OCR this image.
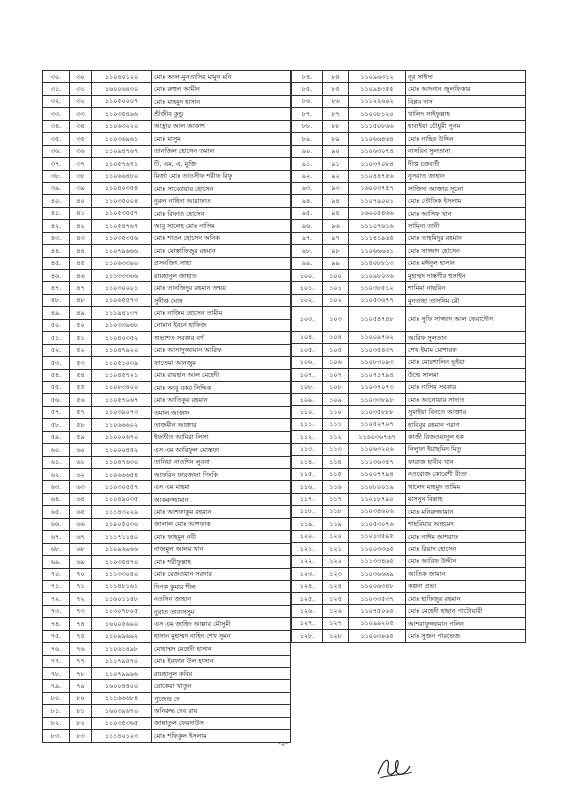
৩০.	৩০	১১০৪০১২০	মোঃ আল-মুনতাসির মামুন মনি
৩১.	৩১	১৬০০৬৪৩০	মোঃ রুহুল আমীন
৩২.	৩২	১১০৫০০০৭	মোঃ মাহমুদ হাসান
৩৩.	৩৩	১১০৩৫৪৯৬	শ্রীজীব কুন্ডু
৩৪.	৩৪	১১০৬৩২২০	আহ্রার আল আকাশ
৩৫.	৩৫	১১০৩৬৯৬১	মোঃ মাসুম
৩৬.	৩৬	১১০৯৪৭৬৭	তানজিল হোসেন তমাল
৩৭.	৩৭	১১০৫৭৬৭১	টি, এম, এ, মুক্তি
৩৮.	৩৮	১১০৬৬৪৮০	মির্জা মোঃ তাওসীফ শরীফ রিফু
৩৯.	৩৯	১১০৪০৩৫৪	মোঃ সাব্বোয়ার হোসেন
৪০.	৪০	১১০৩৫০০৪	নুরুন নাহিদা আরাফাত
৪১.	৪১	১১০৫৩৫৫৭	মোঃ রিফাত হোসেন
৪২.	৪২	১১০৫৪৭৬৭	আবু সালেহ মোঃ নাসিম
৪৩.	৪৩	১১০৩৫৩৫৬	মোঃ শাওন হোসেন অনিক
৪৪.	৪৪	১১০৭৯৬৬৬	মোঃ মোস্তাফিজুর রহমান
৪৫.	৪৫	১১০৬৩৩৯০	প্রসনজিৎ সাহা
৪৬.	৪৬	১১১৩৩৩৬৬	রায়হানুল জাহাত
৪৭.	৪৭	১১০৩০০০১	মোঃ তানজিদুর রহমান তন্ময়
৪৮.	৪৮	১১০৬৫৫৭৩	সুদীপ্ত ঘোষ
৪৯.	৪৯	১১১৯৪১৩৭	মোঃ নাজিম হোসেন তামীম
৫০.	৫০	১১০৩৩৯৬৮	নোমান ইবনে হাফিজ
৫১.	৫১	১১০৪০৩৫২	শুভাশত সরকার বর্ণ
৫২.	৫২	১১০৪৭৯২০	মোঃ আসাদুজ্জামান আরিফ
৫৩.	৫৩	১১০৫১০৩৯	ফাতেমা আনজুম
৫৪.	৫৪	১১০৪৫৭২১	মোঃ রায়হান আল মেহেদী
৫৫.	৫৫	১১০৮৩৪০০	মোঃ আবু বকর সিদ্দিক
৫৬.	৫৬	১১০৫৭০৬৭	মোঃ আতিকুর রহমান
৫৭.	৫৭	১১০৩৯০৭৩	তমাল আজাদ
৫৮.	৫৮	১১০৬৬৬০২	তাজমীন আক্তার
৫৯.	৫৯	১১০০০৬৭০	ইফতীত আমিরা লিসা
৬০.	৬০	১১০০০৪৫২	এস এম আরিফুল মোস্তফা
৬১.	৬১	১১০৪৭৬৩০	তানিয়া নাওশিন লুবনা
৬২.	৬২	১১০৬৬৬৫৪	আফরিন ফারজানা পিংকি
৬৩.	৬৩	১১০৩০৫৫৭	এস এম মাহমা
৬৪.	৬৪	১১০৪৯০৩৫	আকরুজ্জামান
৬৫.	৬৫	১১১৪৩২২৯	মোঃ আশফাকুর রহমান
৬৬.	৬৬	১১৯০৫০৩০	জালাল মোঃ আশফাক
৬৭.	৬৭	১১১৭১১৪০	মোঃ ফাহমুন নবী
৬৮.	৬৮	১১০৯৬৯৬৬	নাজমুল আলম খান
৬৯.	৬৯	১১০৩৫৪৭০	মোঃ শরীফুল্লাহ
৭০.	৭০	১১১৩৩০৪০	মোঃ রেজওয়ান সরদার
৭১.	৭১	১১১৪৮১৬১	দিপক কুমার শীল
৭২.	৭২	১১৬০১১৪৮	নওসিন জাহান
৭৩.	৭৩	১১৩০৭৮০৫	নুরাত তাবাসসুম
৭৪.	৭৪	১৬০০৫৬৯০	এস এম জাহিদ আল্লার মৌসুমী
৭৫.	৭৫	১১০৯৯৬৯২	হাসান মুহাম্মদ নাহিদ শেখ সুমন
৭৬.	৭৬	১১০৬১৪৯৮	মোহাম্মদ মেহেদী হাসান
৭৭.	৭৭	১১১৭৯৫৭০	মোঃ ইরফান উল হাসান
৭৮.	৭৮	১১০৭৯৯৯৬	রায়হানুল কবির
৭৯.	৭৯	১৬০০৪৪০০	রোকেয়া খাতুন
৮০.	৮০	১১১৬৬৬৮৪	পুজেন্দ্র দে
৮১.	৮১	১৬০৩৯৬৭০	অনিরুদ্ধ দেব রায়
৮২.	৮২	১১০৩৫৩৬৫	জান্নাতুল ফেরদাউস
৮৩.	৮৩	১১১৪০১২৩	মোঃ শফিকুল ইসলাম
৮৪.	৮৪	১১০৯৬৩১২	নূর সাঈদা
৮৫.	৮৫	১১০৯৪৩৫৫	মোঃ আদনান জুলফিকার
৮৬.	৮৬	১১১২২৬০২	বিপ্লব দাস
৮৭.	৮৭	১১০০৮১২০	খালিদ সাইফুল্লাহ
৮৮.	৮৮	১১১৫০৮৬৬	হাবাইয়া চৌধুরী পুনম
৮৯.	৮৯	১১০৬৬৪৬৪	মোঃ নাছির উদ্দিন
৯০.	৯০	১১০৬৩০৭৪	নাসরিন সুলতানা
৯১.	৯১	১১০৩৭০৮৪	দীপ্ত চক্রবর্তী
৯২.	৯২	১১০৪৪৭৫৬	নুসরাত জাহান
৯৩.	৯৩	১৬০০৩৭৫৭	সাজিদা আক্তার সূচনা
৯৪.	৯৪	১১০৭৯০০১	মোঃ তৌফিক ইসলাম
৯৫.	৯৫	১৬০০৫৪৬৬	মোঃ আসিফ খান
৯৬.	৯৬	১১১০৭৬১৬	সামিনা তানী
৯৭.	৯৭	১১১৪১৯৬৫	মোঃ তাহমিদুর রহমান
৯৮.	৯৮	১১০৬৬৬৬১	মোঃ সাজ্জাদ হোসেন
৯৯.	৯৯	১১৫০৮৮১৩	মোঃ মঈনুল হাসান
১০০.	১০০	১১০৯৮০৩৬	মুহাম্মদ দাস্তগীর হুসাইন
১০১.	১০১	১১০৩৮৫১২	শামিমা নাছরিন
১০২.	১০২	১১০৫৩৬৭৭	মুনতাহা তাসনিম মৌ
১০৩.	১০৩	১১০৫৪৭৪৮	মোঃ সুফি সাজ্জাদ আল ফেরাদৌস
১০৪.	১০৪	১১০০৯৭৬২	আরিফ সুলতান
১০৫.	১০৫	১১০৩৫৪৩৭	শেখ ইমাম মোশারফ
১০৬.	১০৬	১১০৮৩০৯৩	মোঃ মোরশালিন ভূইয়া
১০৭.	১০৭	১১০৭১৭৯৪	উম্মে সালমা
১০৮.	১০৮	১১০৩৭০৭৩	মোঃ নাসিম সরকার
১০৯.	১০৯	১১০৩৩৮৯৮	মোঃ আনোয়ার সাদাত
১১০.	১১০	১১০৩৫৮৮৮	সুমাইয়া বিনতে আক্তার
১১১.	১১১	১১০৫২৭০৭	হাবিবুর রহমান পরাগ
১১২.	১১২	১১৬০৩৬৭৬৭	কাজী রিজওয়ানুল হক
১১৩.	১১৩	১১০৬৩২০৬	নিলুফা ইয়াছমিন মিতু
১১৪.	১১৪	১১১৩৬৩৫৭	ফারাজ হাবীব খান
১১৫.	১১৫	১১০০৭৭৯৪	নওরোজ কোরেশী রীতা
১১৬.	১১৬	১১০৮০০১৯	খালেদ মাহমুদ তামিম
১১৭.	১১৭	১১০১৮৭৯০	মাসনুন বিল্লাহ
১১৮.	১১৮	১১০৩৪৬০৬	মোঃ মনিরুজ্জামান
১১৯.	১১৯	১১০৫৩০৭৬	শাহরিয়ার আহমেদ
১২০.	১২০	১১০১৩৫৯৫	মোঃ নাঈম আশরাফ
১২১.	১২১	১১০০৩৩৬৫	মোঃ রিয়াদ হোসেন
১২২.	১২২	১১১৩৩৪৬৫	মোঃ আরিফ উদ্দীন
১২৩.	১২৩	১১০৩৬৬৬৯	আতিক জামান
১২৪.	১২৪	১১০০৬৩৪৮	কল্পনা প্রভা
১২৫.	১২৫	১১০৩৩৫৩৭	মোঃ হাফিজুর রহমান
১২৬.	১২৬	১১০৭৫০৬৫	মোঃ মেহেদী হাছান পাটোয়ারী
১২৭.	১২৭	১১০৯৯২০৫	আশরাফুজ্জামান পলিন
১২৮.	১২৮	১১০০৩৯৬৫	মোঃ সুজন পারভেজ
-২-
